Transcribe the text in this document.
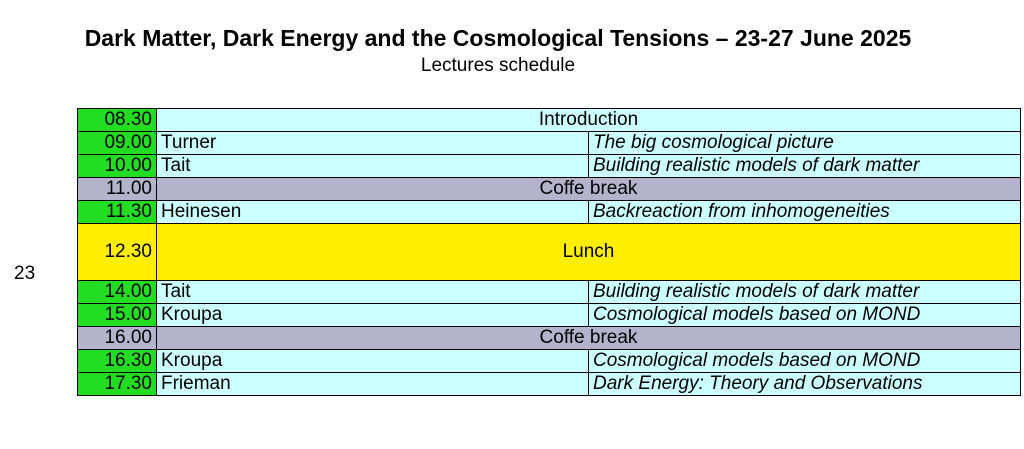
Dark Matter, Dark Energy and the Cosmological Tensions – 23-27 June 2025
Lectures schedule
23
08.30	Introduction	
09.00	Turner	The big cosmological picture
10.00	Tait	Building realistic models of dark matter
11.00	Coffe break	
11.30	Heinesen	Backreaction from inhomogeneities
12.30	Lunch	
14.00	Tait	Building realistic models of dark matter
15.00	Kroupa	Cosmological models based on MOND
16.00	Coffe break	
16.30	Kroupa	Cosmological models based on MOND
17.30	Frieman	Dark Energy: Theory and Observations
